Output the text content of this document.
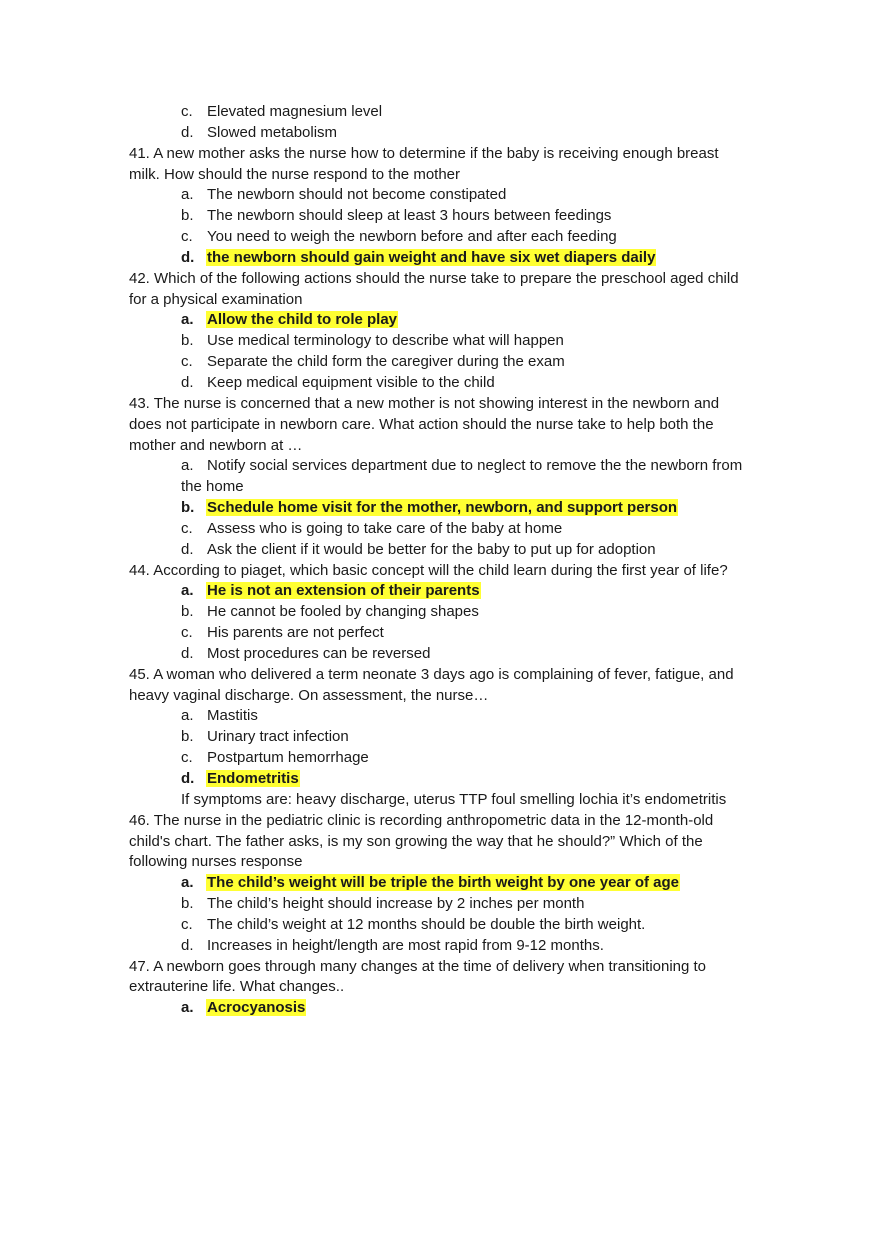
c. Elevated magnesium level
d. Slowed metabolism
41. A new mother asks the nurse how to determine if the baby is receiving enough breast
milk. How should the nurse respond to the mother
a. The newborn should not become constipated
b. The newborn should sleep at least 3 hours between feedings
c. You need to weigh the newborn before and after each feeding
d. the newborn should gain weight and have six wet diapers daily
42. Which of the following actions should the nurse take to prepare the preschool aged child
for a physical examination
a. Allow the child to role play
b. Use medical terminology to describe what will happen
c. Separate the child form the caregiver during the exam
d. Keep medical equipment visible to the child
43. The nurse is concerned that a new mother is not showing interest in the newborn and
does not participate in newborn care. What action should the nurse take to help both the
mother and newborn at …
a. Notify social services department due to neglect to remove the the newborn from
the home
b. Schedule home visit for the mother, newborn, and support person
c. Assess who is going to take care of the baby at home
d. Ask the client if it would be better for the baby to put up for adoption
44. According to piaget, which basic concept will the child learn during the first year of life?
a. He is not an extension of their parents
b. He cannot be fooled by changing shapes
c. His parents are not perfect
d. Most procedures can be reversed
45. A woman who delivered a term neonate 3 days ago is complaining of fever, fatigue, and
heavy vaginal discharge. On assessment, the nurse…
a. Mastitis
b. Urinary tract infection
c. Postpartum hemorrhage
d. Endometritis
If symptoms are: heavy discharge, uterus TTP foul smelling lochia it’s endometritis
46. The nurse in the pediatric clinic is recording anthropometric data in the 12-month-old
child's chart. The father asks, is my son growing the way that he should?” Which of the
following nurses response
a. The child’s weight will be triple the birth weight by one year of age
b. The child’s height should increase by 2 inches per month
c. The child’s weight at 12 months should be double the birth weight.
d. Increases in height/length are most rapid from 9-12 months.
47. A newborn goes through many changes at the time of delivery when transitioning to
extrauterine life. What changes..
a. Acrocyanosis
